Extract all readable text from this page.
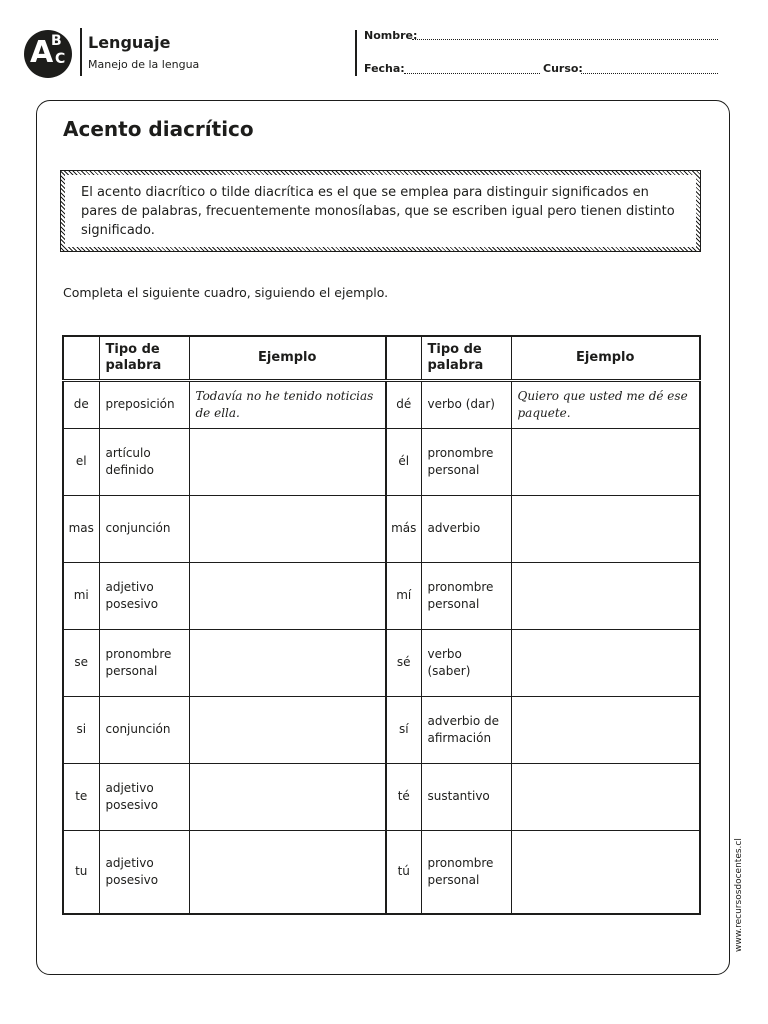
A
B
C
Lenguaje
Manejo de la lengua
Nombre:
Fecha:	Curso:
Acento diacrítico
El acento diacrítico o tilde diacrítica es el que se emplea para distinguir significados en pares de palabras, frecuentemente monosílabas, que se escriben igual pero tienen distinto significado.
Completa el siguiente cuadro, siguiendo el ejemplo.
	Tipo de palabra	Ejemplo		Tipo de palabra	Ejemplo
de	preposición	Todavía no he tenido noticias de ella.	dé	verbo (dar)	Quiero que usted me dé ese paquete.
el	artículo definido		él	pronombre personal	
mas	conjunción		más	adverbio	
mi	adjetivo posesivo		mí	pronombre personal	
se	pronombre personal		sé	verbo (saber)	
si	conjunción		sí	adverbio de afirmación	
te	adjetivo posesivo		té	sustantivo	
tu	adjetivo posesivo		tú	pronombre personal		www.recursosdocentes.cl
